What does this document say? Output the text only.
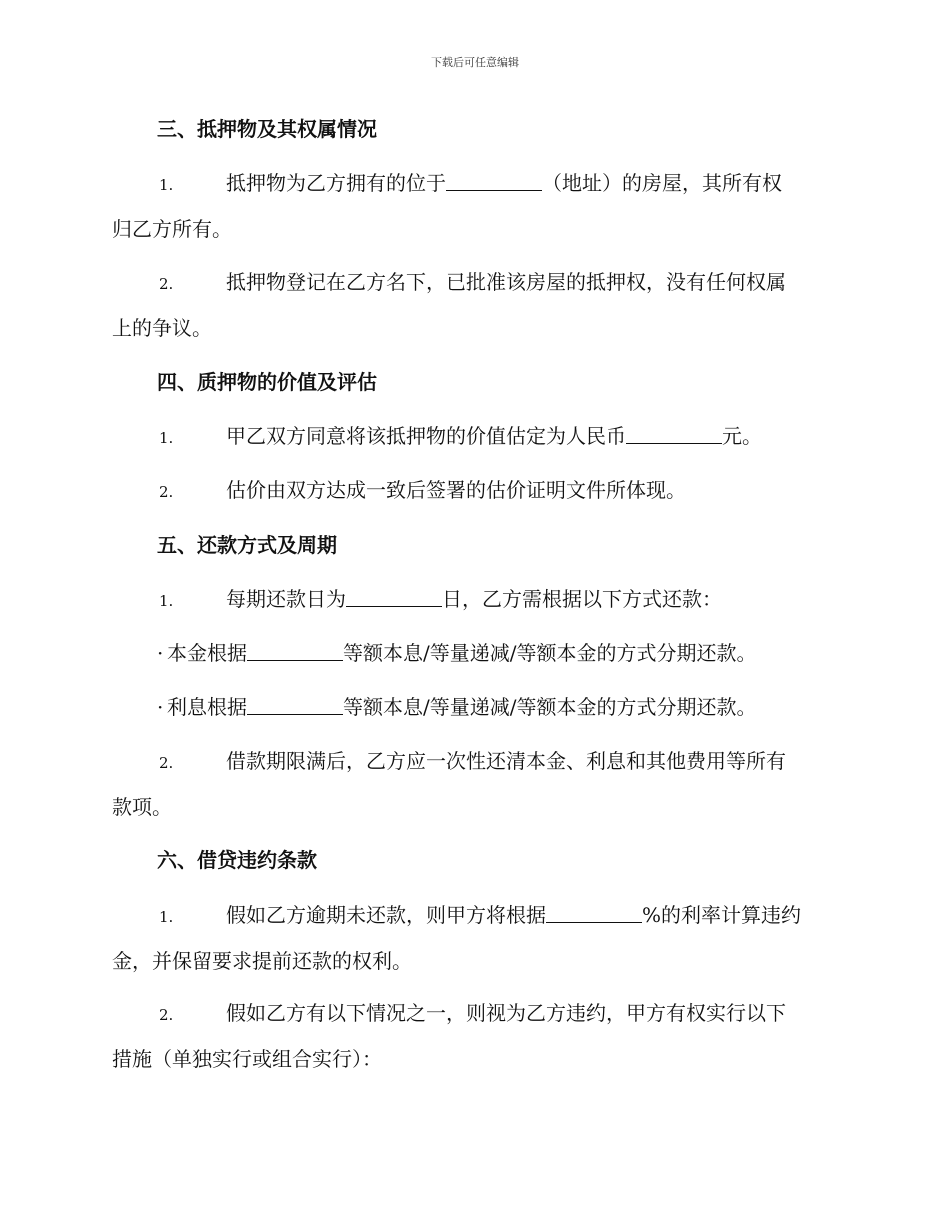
下载后可任意编辑
三、抵押物及其权属情况
1.	抵押物为乙方拥有的位于	（地址）的房屋，其所有权
归乙方所有。
2.	抵押物登记在乙方名下，已批准该房屋的抵押权，没有任何权属
上的争议。
四、质押物的价值及评估
1.	甲乙双方同意将该抵押物的价值估定为人民币	元。
2.	估价由双方达成一致后签署的估价证明文件所体现。
五、还款方式及周期
1.	每期还款日为	日，乙方需根据以下方式还款：
· 本金根据	等额本息/等量递减/等额本金的方式分期还款。
· 利息根据	等额本息/等量递减/等额本金的方式分期还款。
2.	借款期限满后，乙方应一次性还清本金、利息和其他费用等所有
款项。
六、借贷违约条款
1.	假如乙方逾期未还款，则甲方将根据	%的利率计算违约
金，并保留要求提前还款的权利。
2.	假如乙方有以下情况之一，则视为乙方违约，甲方有权实行以下
措施（单独实行或组合实行）：
